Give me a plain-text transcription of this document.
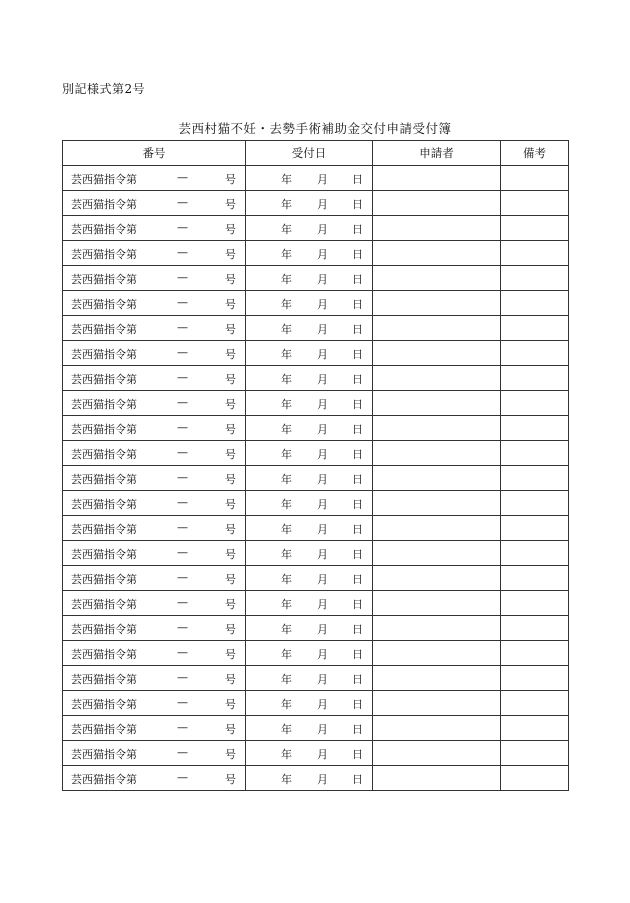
別記様式第2号
芸西村猫不妊・去勢手術補助金交付申請受付簿
番号	受付日	申請者	備考

芸西猫指令第 — 号	年 月 日		

芸西猫指令第 — 号	年 月 日		

芸西猫指令第 — 号	年 月 日		

芸西猫指令第 — 号	年 月 日		

芸西猫指令第 — 号	年 月 日		

芸西猫指令第 — 号	年 月 日		

芸西猫指令第 — 号	年 月 日		

芸西猫指令第 — 号	年 月 日		

芸西猫指令第 — 号	年 月 日		

芸西猫指令第 — 号	年 月 日		

芸西猫指令第 — 号	年 月 日		

芸西猫指令第 — 号	年 月 日		

芸西猫指令第 — 号	年 月 日		

芸西猫指令第 — 号	年 月 日		

芸西猫指令第 — 号	年 月 日		

芸西猫指令第 — 号	年 月 日		

芸西猫指令第 — 号	年 月 日		

芸西猫指令第 — 号	年 月 日		

芸西猫指令第 — 号	年 月 日		

芸西猫指令第 — 号	年 月 日		

芸西猫指令第 — 号	年 月 日		

芸西猫指令第 — 号	年 月 日		

芸西猫指令第 — 号	年 月 日		

芸西猫指令第 — 号	年 月 日		

芸西猫指令第 — 号	年 月 日		
